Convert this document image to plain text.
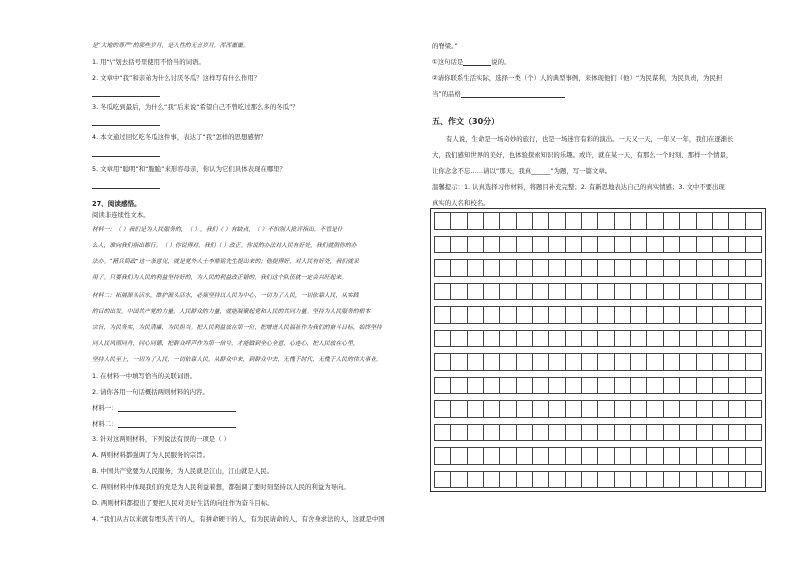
是“大地的尊严”的那些岁月，是人性的无言岁月，浑浑噩噩。
1. 用“\”划去括号里使用不恰当的词语。
2. 文章中“我”和亲弟为什么讨厌冬瓜？这样写有什么作用？
3. 冬瓜吃到最后，为什么“我”后来说“希望自己不曾吃过那么多的冬瓜”？
4. 本文通过回忆吃冬瓜这件事，表达了“我”怎样的思想感情？
5. 文章用“聪明”和“脆脆”来形容母亲，你认为它们具体表现在哪里？
27、阅读感悟。
阅读非连续性文本。
材料一：（ ）我们是为人民服务的，（ ），我们（ ）有缺点，（ ）不怕别人批评指出。不管是什
么人，谁向我们指出都行。（ ）你说得对，我们（ ）改正。你说的办法对人民有好处，我们就照你的办
法办。“精兵简政”这一条意见，就是党外人士李鼎铭先生提出来的；他提得好，对人民有好处，我们就采
用了。只要我们为人民的利益坚持好的，为人民的利益改正错的，我们这个队伍就一定会兴旺起来。
材料二：拓展源头活水，维护源头活水，必须坚持以人民为中心，一切为了人民，一切依靠人民，从实践
的目的出发。中国共产党的力量，人民群众的力量，就能凝聚起党和人民的共同力量。坚持为人民服务的根本
宗旨，为民务实，为民清廉，为民担当。把人民利益放在第一位，把增进人民福祉作为我们的奋斗目标，始终坚持
同人民风雨同舟，同心同德，把群众呼声作为第一信号，才能做到全心全意，心连心，把人民放在心里，
坚持人民至上，一切为了人民，一切依靠人民，从群众中来，到群众中去，无愧于时代，无愧于人民的伟大事业。
1. 在材料一中填写恰当的关联词语。
2. 请你各用一句话概括两则材料的内容。
材料一：
材料二：
3. 针对这两则材料，下列说法有误的一项是（ ）
A. 两则材料都强调了为人民服务的宗旨。
B. 中国共产党要为人民服务，为人民就是江山，江山就是人民。
C. 两则材料中体现我们的党是为人民利益着想，都强调了要时刻坚持以人民的利益为导向。
D. 两则材料都提出了要把人民对美好生活的向往作为奋斗目标。
4. “我们从古以来就有埋头苦干的人，有拼命硬干的人，有为民请命的人，有舍身求法的人，这就是中国
的脊梁。”
①这句话是	说的。
②请你联系生活实际，选择一类（个）人的典型事例，来体现他们（他）“为民谋利，为民负责，为民担
当”的品格
五、作文（30分）
有人说，生命是一场奇妙的旅行，也是一场迷宫有彩的演出。一天又一天，一年又一年，我们在逐渐长
大，我们感知世界的美好，也体验探索知识的乐趣。或许，就在某一天，有那么一个时刻、那样一个情景，
让你念念不忘……请以“那天，我真______”为题，写一篇文章。
温馨提示：1. 认真选择习作材料，将题目补充完整；2. 有新思地表达自己的真实情感；3. 文中不要出现
真实的人名和校名。
